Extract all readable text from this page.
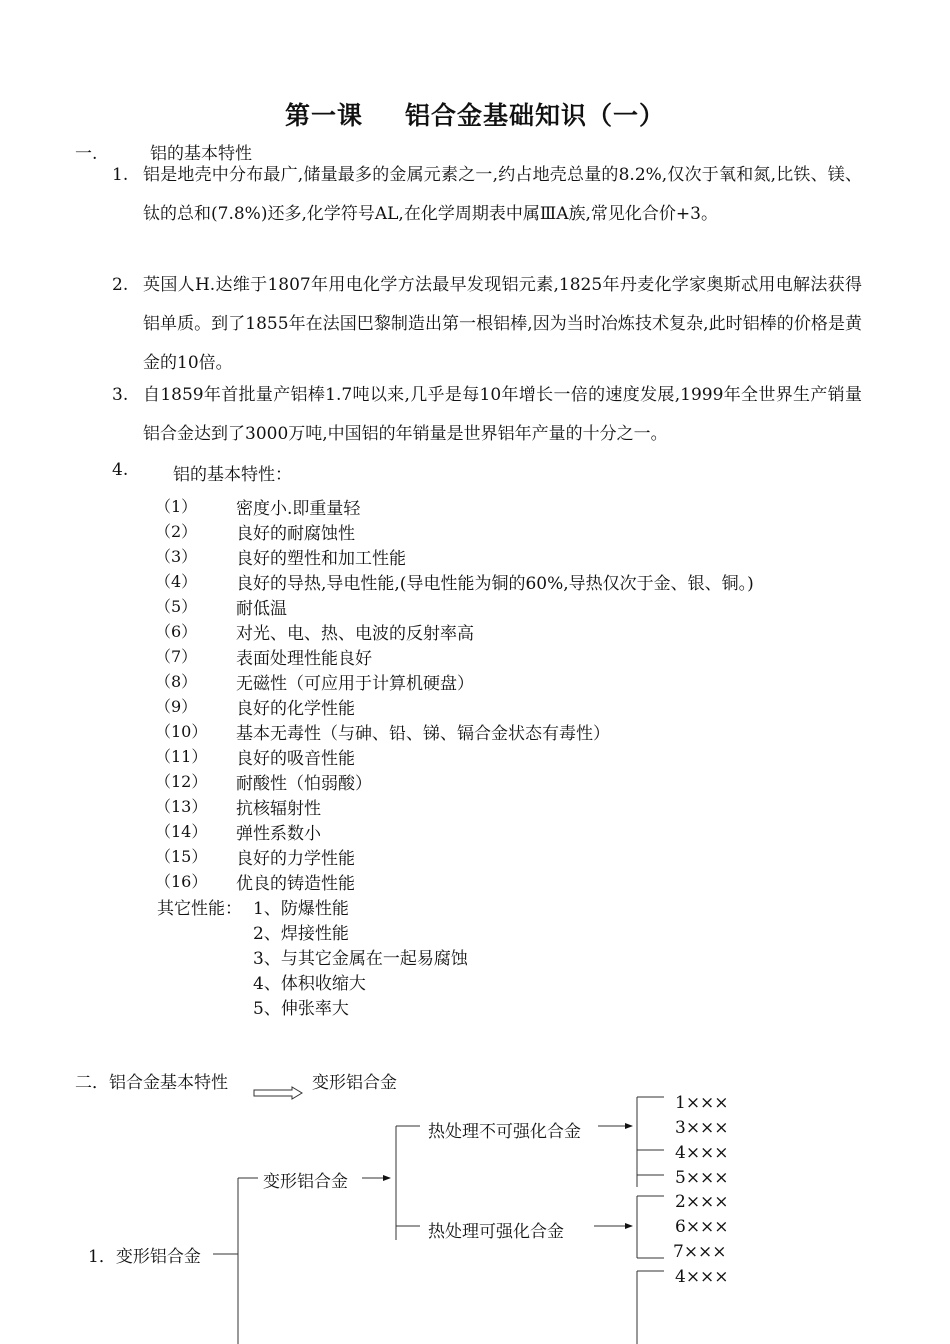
第一课 铝合金基础知识（一）
一.	铝的基本特性
1. 铝是地壳中分布最广,储量最多的金属元素之一,约占地壳总量的8.2%,仅次于氧和氮,比铁、镁、钛的总和(7.8%)还多,化学符号AL,在化学周期表中属ⅢA族,常见化合价+3。
2. 英国人H.达维于1807年用电化学方法最早发现铝元素,1825年丹麦化学家奥斯忒用电解法获得铝单质。到了1855年在法国巴黎制造出第一根铝棒,因为当时冶炼技术复杂,此时铝棒的价格是黄金的10倍。
3. 自1859年首批量产铝棒1.7吨以来,几乎是每10年增长一倍的速度发展,1999年全世界生产销量铝合金达到了3000万吨,中国铝的年销量是世界铝年产量的十分之一。
4.	铝的基本特性：
（1） 密度小.即重量轻
（2） 良好的耐腐蚀性
（3） 良好的塑性和加工性能
（4） 良好的导热,导电性能,(导电性能为铜的60%,导热仅次于金、银、铜。)
（5） 耐低温
（6） 对光、电、热、电波的反射率高
（7） 表面处理性能良好
（8） 无磁性（可应用于计算机硬盘）
（9） 良好的化学性能
（10） 基本无毒性（与砷、铅、锑、镉合金状态有毒性）
（11） 良好的吸音性能
（12） 耐酸性（怕弱酸）
（13） 抗核辐射性
（14） 弹性系数小
（15） 良好的力学性能
（16） 优良的铸造性能
其它性能： 1、防爆性能
2、焊接性能
3、与其它金属在一起易腐蚀
4、体积收缩大
5、伸张率大
二．铝合金基本特性	变形铝合金
1．变形铝合金
变形铝合金
热处理不可强化合金
热处理可强化合金
1×××
3×××
4×××
5×××
2×××
6×××
7×××
4×××
